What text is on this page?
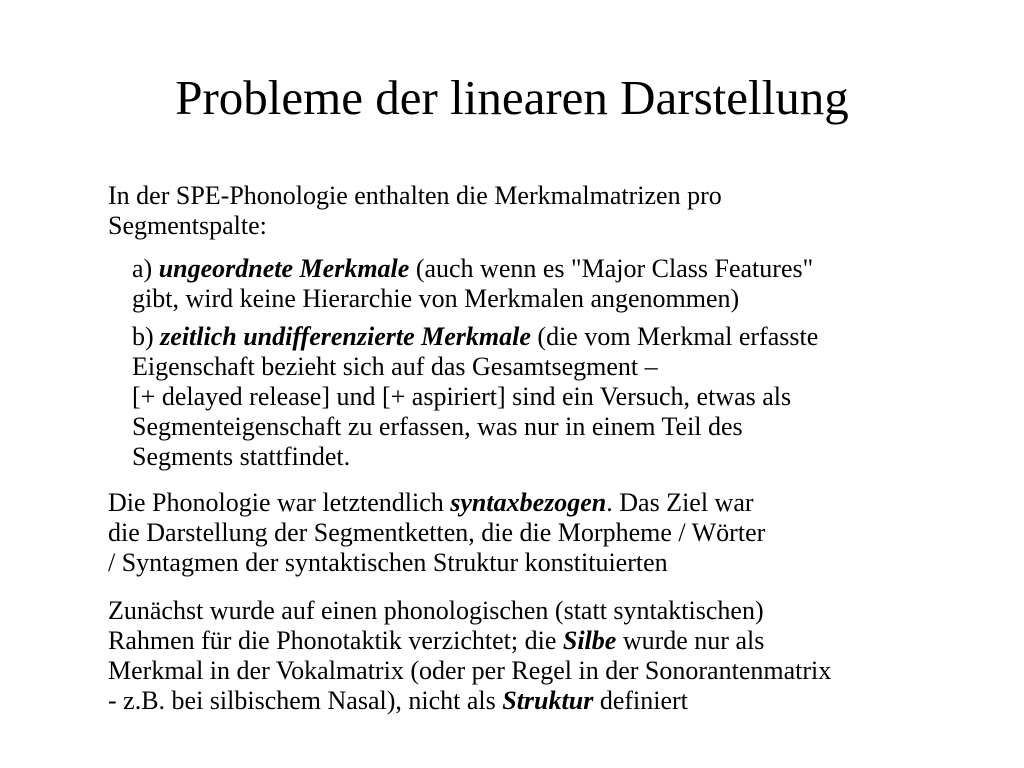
Probleme der linearen Darstellung
In der SPE-Phonologie enthalten die Merkmalmatrizen pro
Segmentspalte:
a) ungeordnete Merkmale (auch wenn es "Major Class Features"
gibt, wird keine Hierarchie von Merkmalen angenommen)
b) zeitlich undifferenzierte Merkmale (die vom Merkmal erfasste
Eigenschaft bezieht sich auf das Gesamtsegment –
[+ delayed release] und [+ aspiriert] sind ein Versuch, etwas als
Segmenteigenschaft zu erfassen, was nur in einem Teil des
Segments stattfindet.
Die Phonologie war letztendlich syntaxbezogen. Das Ziel war
die Darstellung der Segmentketten, die die Morpheme / Wörter
/ Syntagmen der syntaktischen Struktur konstituierten
Zunächst wurde auf einen phonologischen (statt syntaktischen)
Rahmen für die Phonotaktik verzichtet; die Silbe wurde nur als
Merkmal in der Vokalmatrix (oder per Regel in der Sonorantenmatrix
- z.B. bei silbischem Nasal), nicht als Struktur definiert
